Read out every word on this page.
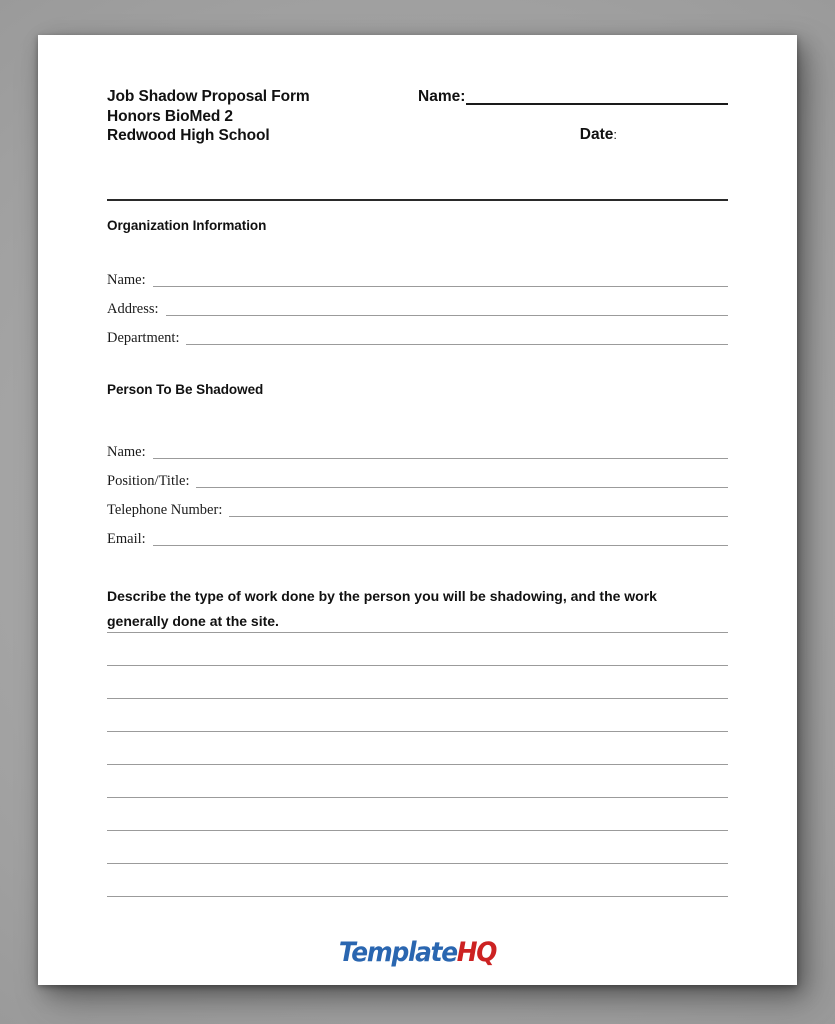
Job Shadow Proposal Form
Honors BioMed 2
Redwood High School
Name:
Date:
Organization Information
Name:
Address:
Department:
Person To Be Shadowed
Name:
Position/Title:
Telephone Number:
Email:
Describe the type of work done by the person you will be shadowing, and the work generally done at the site.
TemplateHQ
